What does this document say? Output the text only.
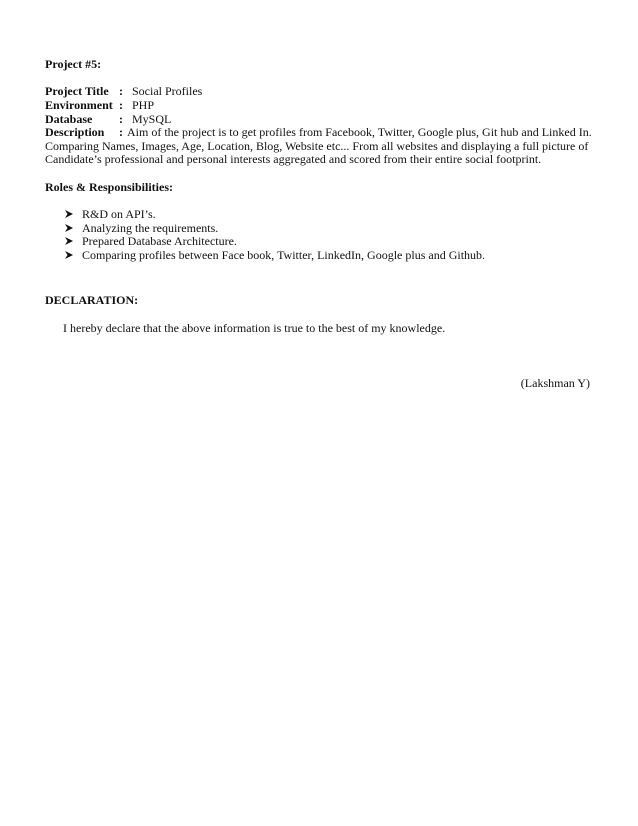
Project #5:
Project Title : Social Profiles
Environment : PHP
Database : MySQL
Description : Aim of the project is to get profiles from Facebook, Twitter, Google plus, Git hub and Linked In.
Comparing Names, Images, Age, Location, Blog, Website etc... From all websites and displaying a full picture of
Candidate’s professional and personal interests aggregated and scored from their entire social footprint.
Roles & Responsibilities:
R&D on API’s.
Analyzing the requirements.
Prepared Database Architecture.
Comparing profiles between Face book, Twitter, LinkedIn, Google plus and Github.
DECLARATION:
I hereby declare that the above information is true to the best of my knowledge.
(Lakshman Y)
